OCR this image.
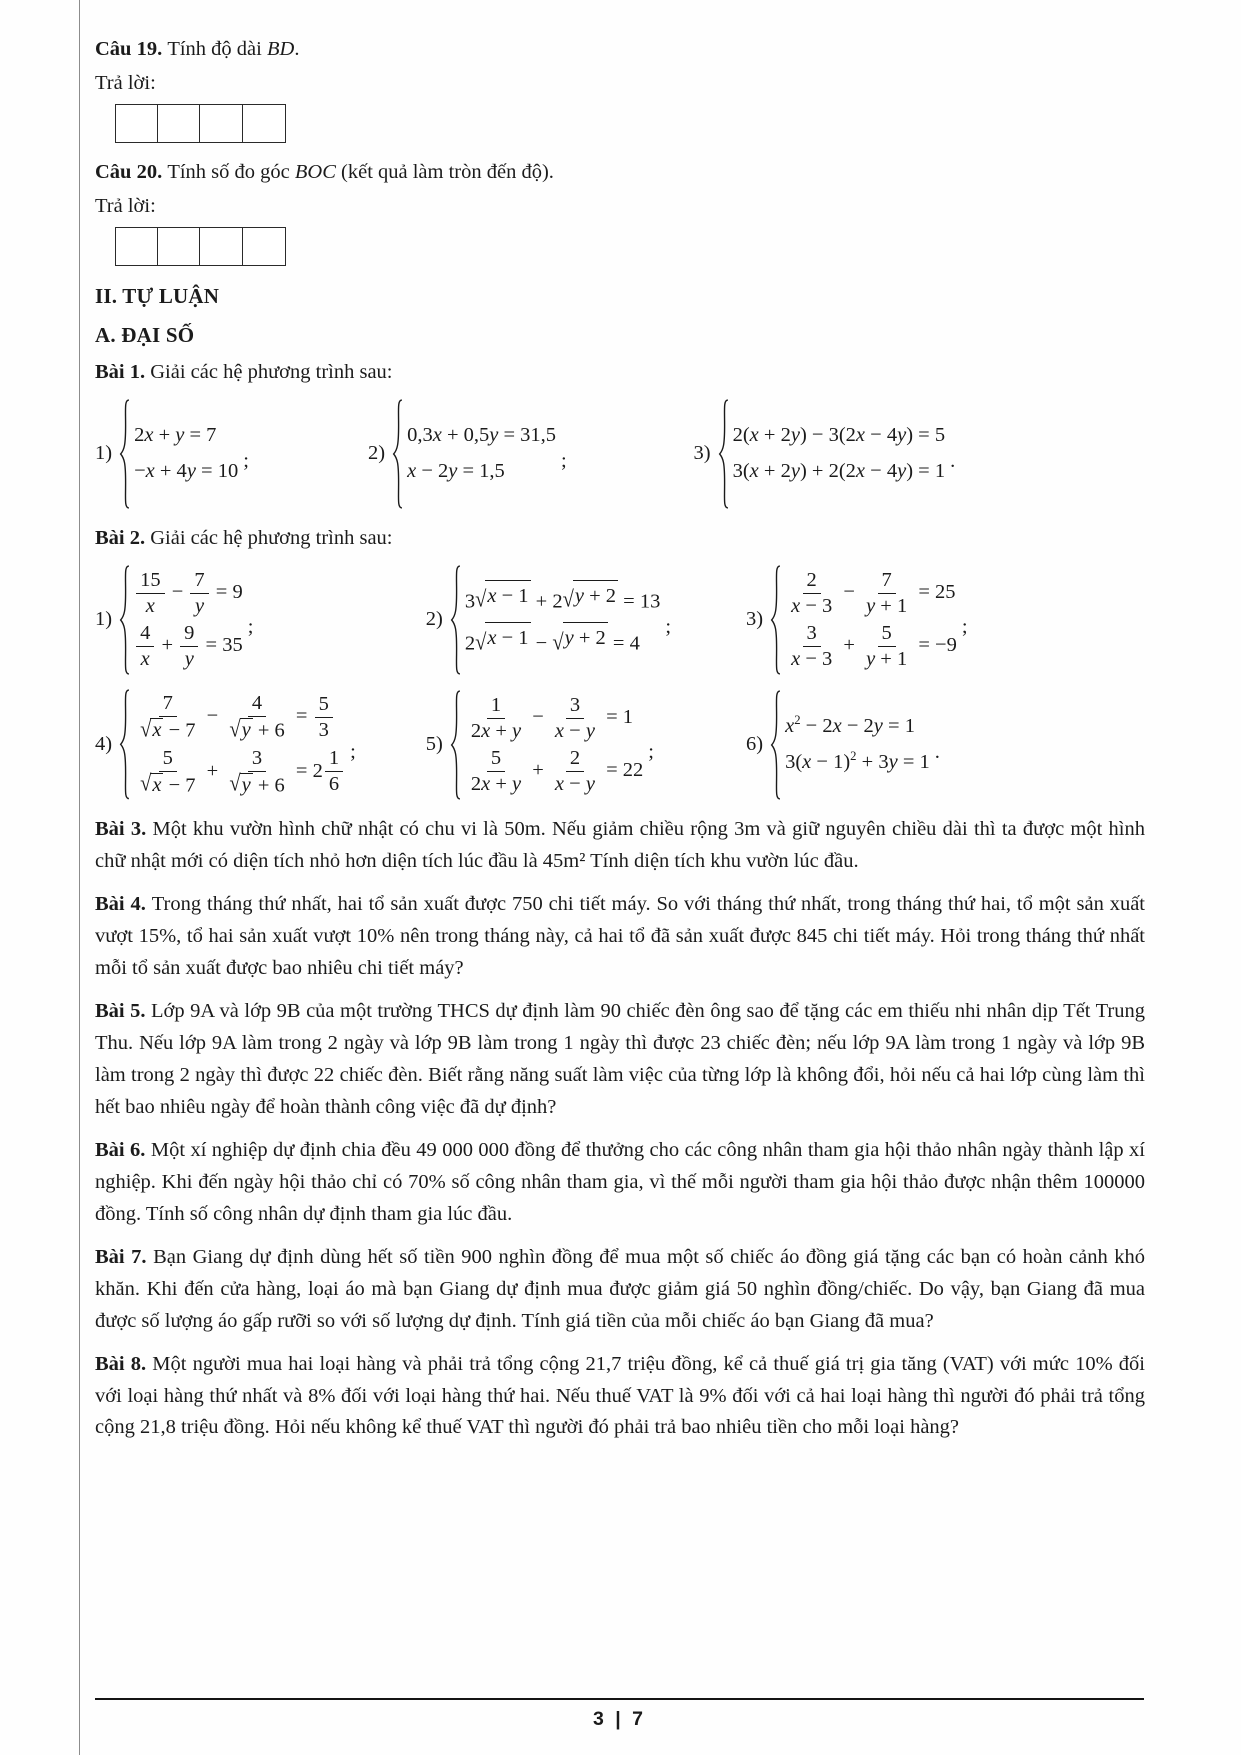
Câu 19. Tính độ dài BD.

Trả lời:

Câu 20. Tính số đo góc BOC (kết quả làm tròn đến độ).

Trả lời:

II. TỰ LUẬN
A. ĐẠI SỐ

Bài 1. Giải các hệ phương trình sau:

1)
2x + y = 7
−x + 4y = 10 ;	2)
0,3x + 0,5y = 31,5
x − 2y = 1,5	;	3)
2(x + 2y) − 3(2x − 4y) = 5
3(x + 2y) + 2(2x − 4y) = 1 .

Bài 2. Giải các hệ phương trình sau:

1)
$\frac{15}{x} - \frac{7}{y} = 9$
$\frac{4}{x} + \frac{9}{y} = 35$
;	2)
3 √ x − 1 + 2 √ y + 2 = 13
2 √ x − 1 − √ y + 2 = 4
;	3)
$\frac{2}{x - 3} - \frac{7}{y + 1} = 25$
$\frac{3}{x - 3} + \frac{5}{y + 1} = -9$
;
4)
$\frac{7}{√ x - 7} - \frac{4}{√ y + 6} = \frac{5}{3}$
$\frac{5}{√ x - 7} + \frac{3}{√ y + 6} = 2 \frac{1}{6}$ ;	5)
$\frac{1}{2x + y} - \frac{3}{x - y} = 1$
$\frac{5}{2x + y} + \frac{2}{x - y} = 22$
;	6)
$x^2 - 2x - 2y = 1$
$3(x - 1)^2 + 3y = 1$ .

Bài 3. Một khu vườn hình chữ nhật có chu vi là 50m. Nếu giảm chiều rộng 3m và giữ nguyên chiều dài thì ta được một hình chữ nhật mới có diện tích nhỏ hơn diện tích lúc đầu là 45m² Tính diện tích khu vườn lúc đầu.

Bài 4. Trong tháng thứ nhất, hai tổ sản xuất được 750 chi tiết máy. So với tháng thứ nhất, trong tháng thứ hai, tổ một sản xuất vượt 15%, tổ hai sản xuất vượt 10% nên trong tháng này, cả hai tổ đã sản xuất được 845 chi tiết máy. Hỏi trong tháng thứ nhất mỗi tổ sản xuất được bao nhiêu chi tiết máy?

Bài 5. Lớp 9A và lớp 9B của một trường THCS dự định làm 90 chiếc đèn ông sao để tặng các em thiếu nhi nhân dịp Tết Trung Thu. Nếu lớp 9A làm trong 2 ngày và lớp 9B làm trong 1 ngày thì được 23 chiếc đèn; nếu lớp 9A làm trong 1 ngày và lớp 9B làm trong 2 ngày thì được 22 chiếc đèn. Biết rằng năng suất làm việc của từng lớp là không đổi, hỏi nếu cả hai lớp cùng làm thì hết bao nhiêu ngày để hoàn thành công việc đã dự định?

Bài 6. Một xí nghiệp dự định chia đều 49 000 000 đồng để thưởng cho các công nhân tham gia hội thảo nhân ngày thành lập xí nghiệp. Khi đến ngày hội thảo chỉ có 70% số công nhân tham gia, vì thế mỗi người tham gia hội thảo được nhận thêm 100000 đồng. Tính số công nhân dự định tham gia lúc đầu.

Bài 7. Bạn Giang dự định dùng hết số tiền 900 nghìn đồng để mua một số chiếc áo đồng giá tặng các bạn có hoàn cảnh khó khăn. Khi đến cửa hàng, loại áo mà bạn Giang dự định mua được giảm giá 50 nghìn đồng/chiếc. Do vậy, bạn Giang đã mua được số lượng áo gấp rưỡi so với số lượng dự định. Tính giá tiền của mỗi chiếc áo bạn Giang đã mua?

Bài 8. Một người mua hai loại hàng và phải trả tổng cộng 21,7 triệu đồng, kể cả thuế giá trị gia tăng (VAT) với mức 10% đối với loại hàng thứ nhất và 8% đối với loại hàng thứ hai. Nếu thuế VAT là 9% đối với cả hai loại hàng thì người đó phải trả tổng cộng 21,8 triệu đồng. Hỏi nếu không kể thuế VAT thì người đó phải trả bao nhiêu tiền cho mỗi loại hàng?

3 | 7
